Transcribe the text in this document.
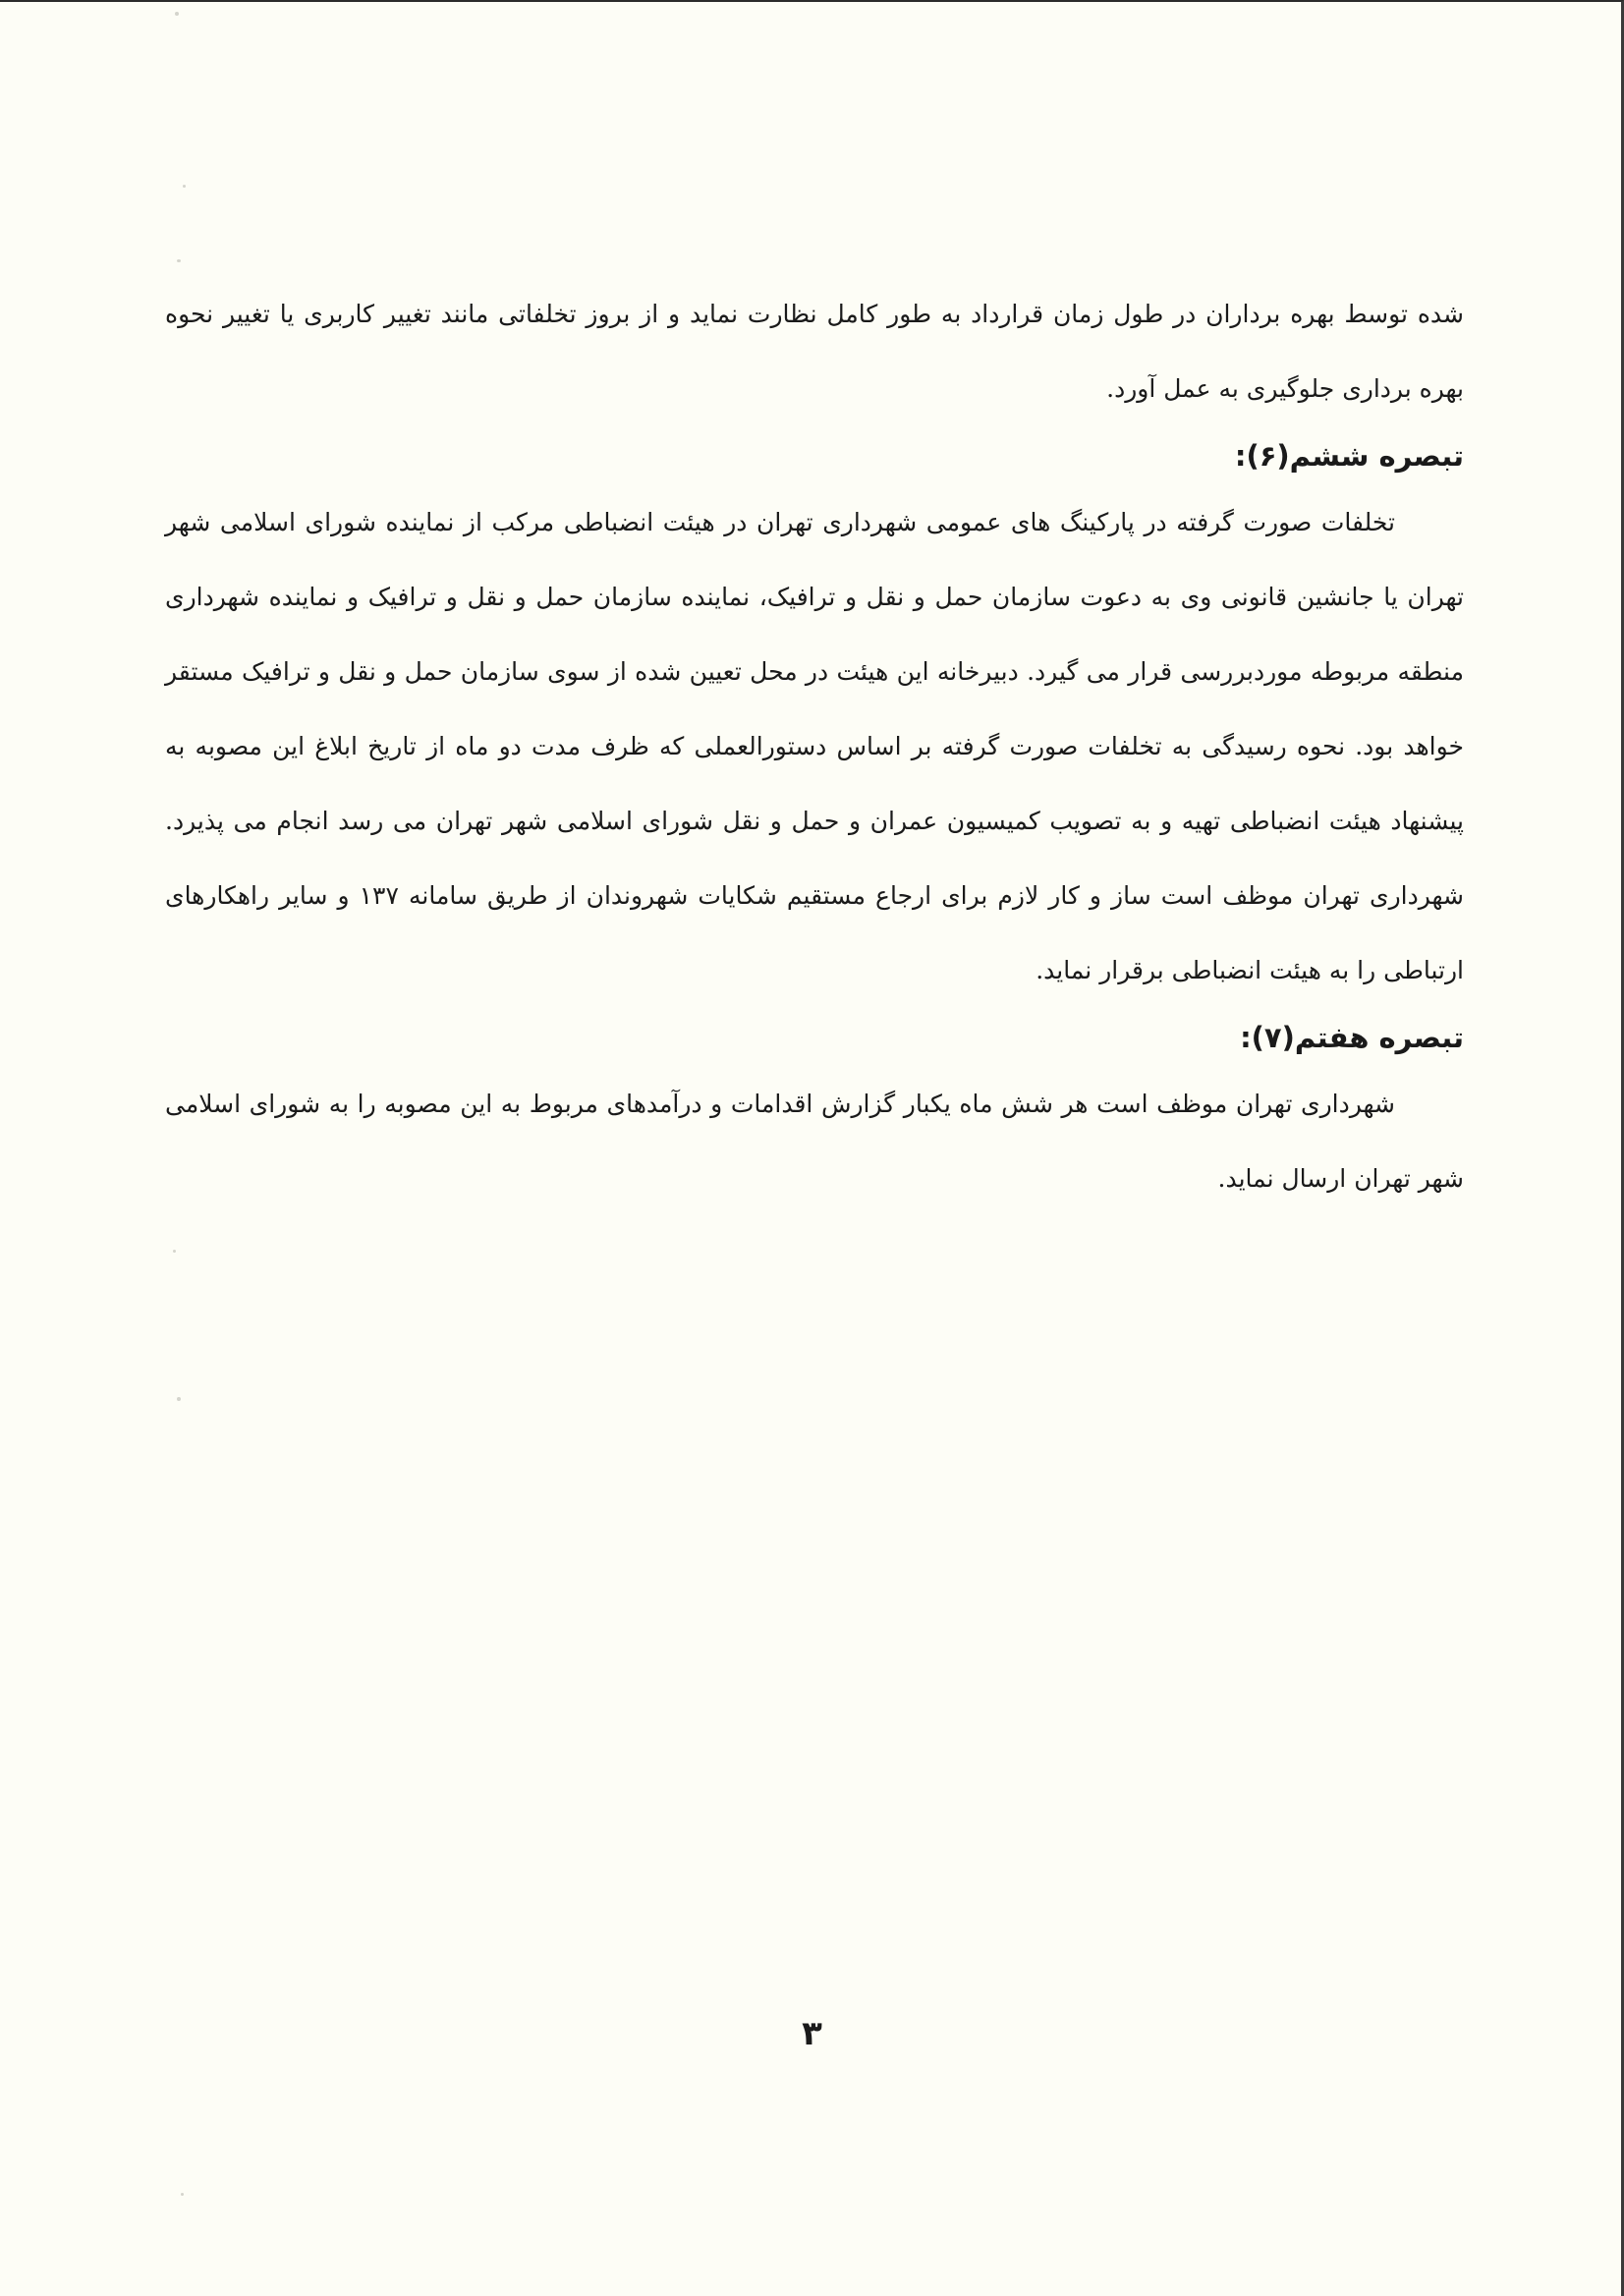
شده توسط بهره برداران در طول زمان قرارداد به طور کامل نظارت نماید و از بروز تخلفاتی مانند تغییر کاربری یا تغییر نحوه بهره برداری جلوگیری به عمل آورد.

تبصره ششم(۶):

تخلفات صورت گرفته در پارکینگ های عمومی شهرداری تهران در هیئت انضباطی مرکب از نماینده شورای اسلامی شهر تهران یا جانشین قانونی وی به دعوت سازمان حمل و نقل و ترافیک، نماینده سازمان حمل و نقل و ترافیک و نماینده شهرداری منطقه مربوطه موردبررسی قرار می گیرد. دبیرخانه این هیئت در محل تعیین شده از سوی سازمان حمل و نقل و ترافیک مستقر خواهد بود. نحوه رسیدگی به تخلفات صورت گرفته بر اساس دستورالعملی که ظرف مدت دو ماه از تاریخ ابلاغ این مصوبه به پیشنهاد هیئت انضباطی تهیه و به تصویب کمیسیون عمران و حمل و نقل شورای اسلامی شهر تهران می رسد انجام می پذیرد. شهرداری تهران موظف است ساز و کار لازم برای ارجاع مستقیم شکایات شهروندان از طریق سامانه ۱۳۷ و سایر راهکارهای ارتباطی را به هیئت انضباطی برقرار نماید.

تبصره هفتم(۷):

شهرداری تهران موظف است هر شش ماه یکبار گزارش اقدامات و درآمدهای مربوط به این مصوبه را به شورای اسلامی شهر تهران ارسال نماید.

۳
